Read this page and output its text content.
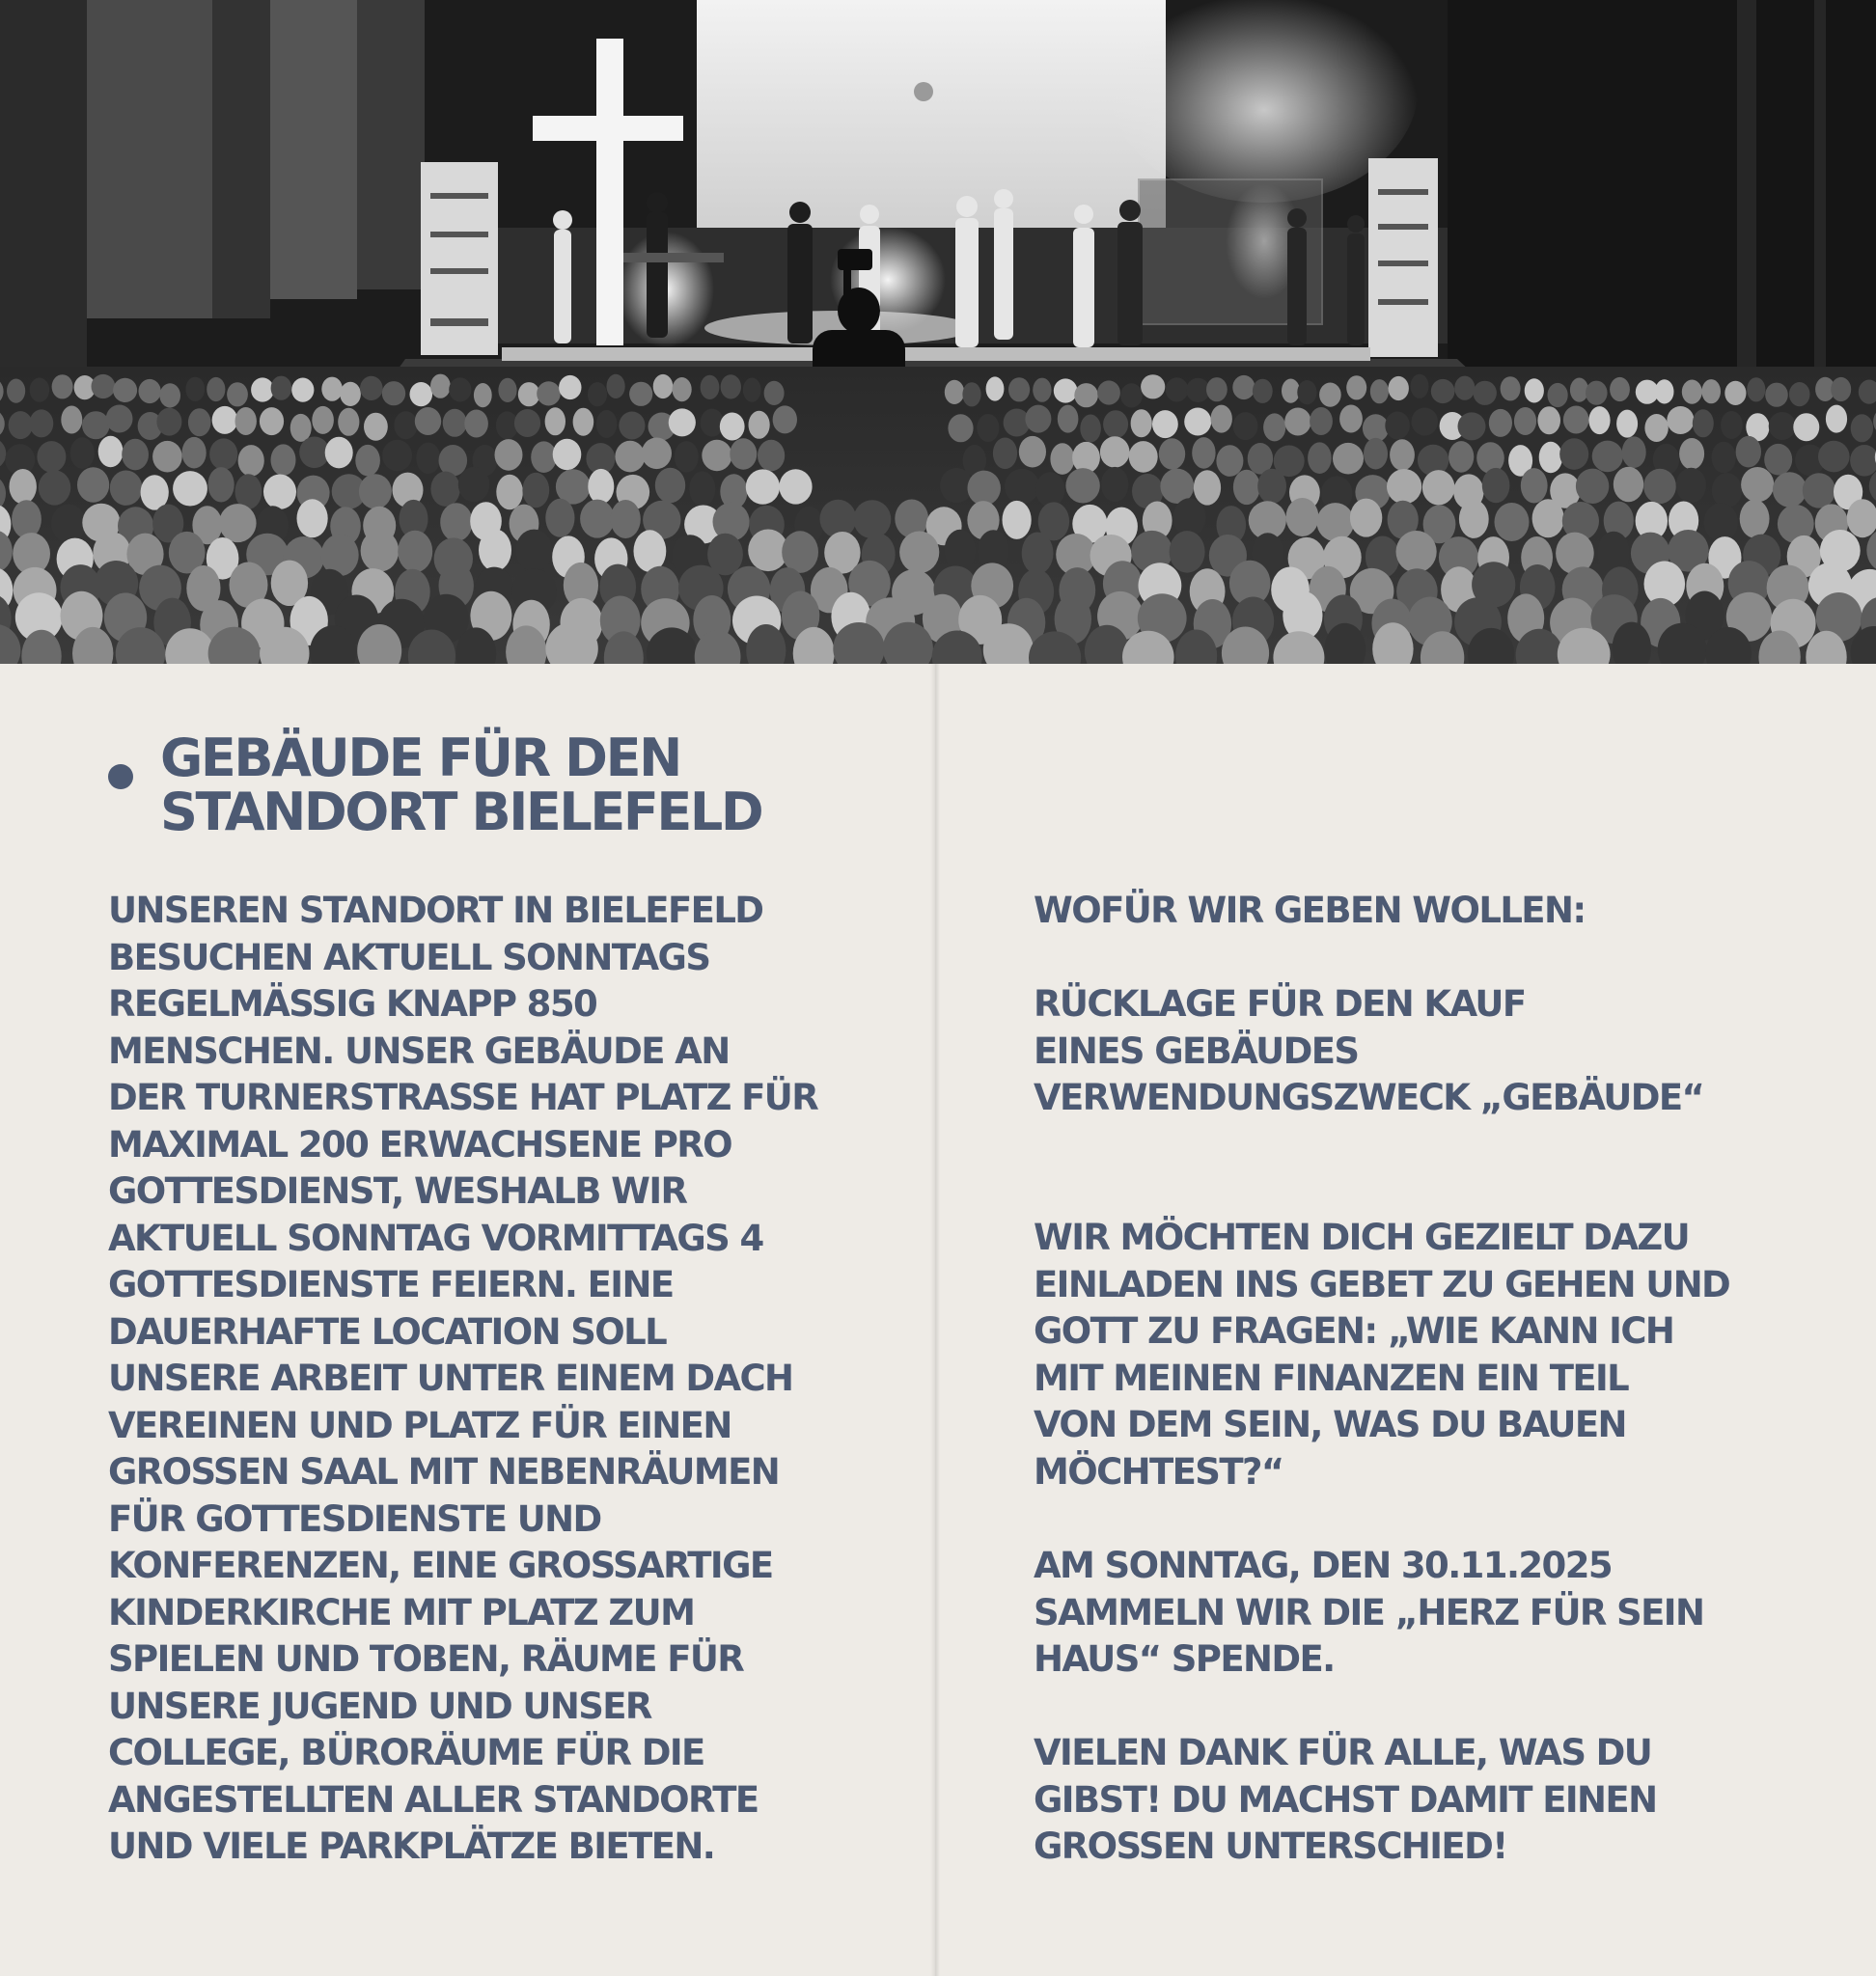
GEBÄUDE FÜR DEN
STANDORT BIELEFELD

UNSEREN STANDORT IN BIELEFELD
BESUCHEN AKTUELL SONNTAGS
REGELMÄSSIG KNAPP 850
MENSCHEN. UNSER GEBÄUDE AN
DER TURNERSTRASSE HAT PLATZ FÜR
MAXIMAL 200 ERWACHSENE PRO
GOTTESDIENST, WESHALB WIR
AKTUELL SONNTAG VORMITTAGS 4
GOTTESDIENSTE FEIERN. EINE
DAUERHAFTE LOCATION SOLL
UNSERE ARBEIT UNTER EINEM DACH
VEREINEN UND PLATZ FÜR EINEN
GROSSEN SAAL MIT NEBENRÄUMEN
FÜR GOTTESDIENSTE UND
KONFERENZEN, EINE GROSSARTIGE
KINDERKIRCHE MIT PLATZ ZUM
SPIELEN UND TOBEN, RÄUME FÜR
UNSERE JUGEND UND UNSER
COLLEGE, BÜRORÄUME FÜR DIE
ANGESTELLTEN ALLER STANDORTE
UND VIELE PARKPLÄTZE BIETEN.

WOFÜR WIR GEBEN WOLLEN:

RÜCKLAGE FÜR DEN KAUF
EINES GEBÄUDES
VERWENDUNGSZWECK „GEBÄUDE“

WIR MÖCHTEN DICH GEZIELT DAZU
EINLADEN INS GEBET ZU GEHEN UND
GOTT ZU FRAGEN: „WIE KANN ICH
MIT MEINEN FINANZEN EIN TEIL
VON DEM SEIN, WAS DU BAUEN
MÖCHTEST?“

AM SONNTAG, DEN 30.11.2025
SAMMELN WIR DIE „HERZ FÜR SEIN
HAUS“ SPENDE.

VIELEN DANK FÜR ALLE, WAS DU
GIBST! DU MACHST DAMIT EINEN
GROSSEN UNTERSCHIED!
